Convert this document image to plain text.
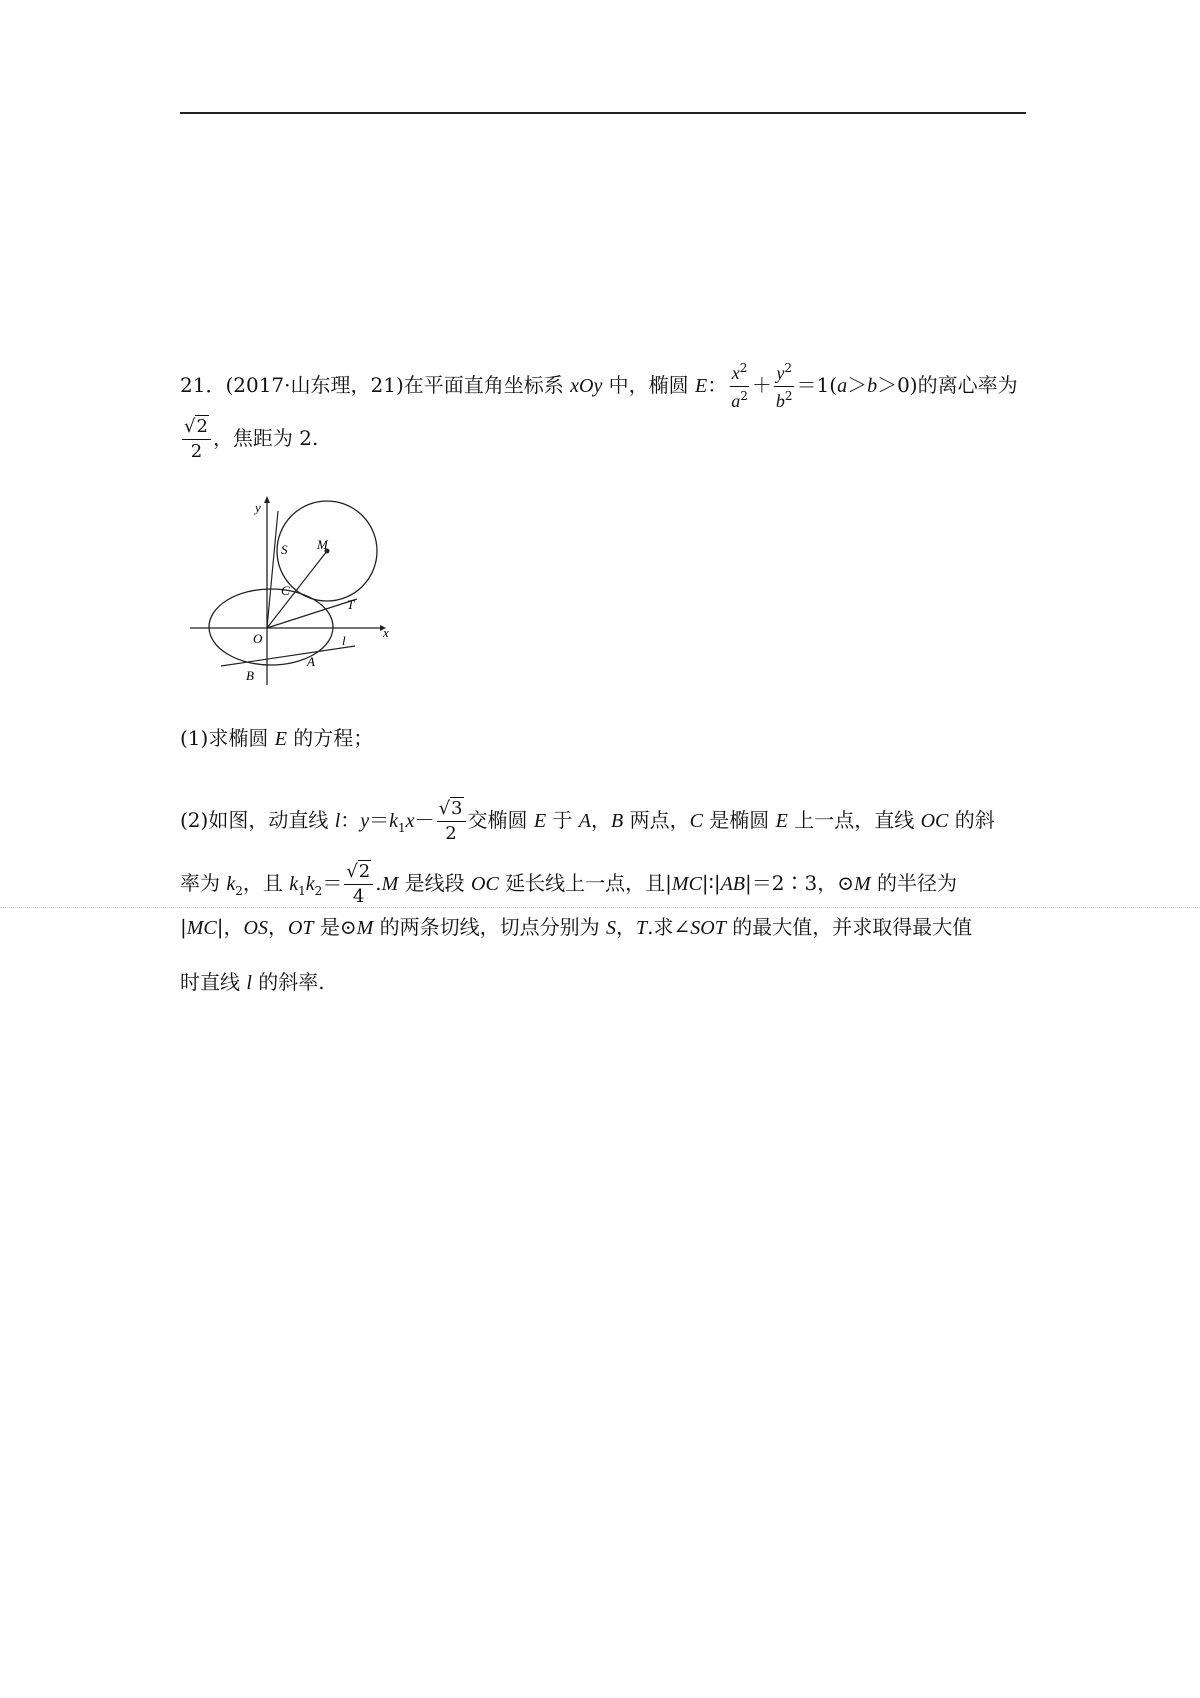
21．(2017·山东理，21)在平面直角坐标系 xOy 中，椭圆 E： $\frac{x^2}{a^2} + \frac{y^2}{b^2} =1(a>b>0)$的离心率为
$\frac{√2}{2}$ ，焦距为 2.
y
x
O
S M
C
T
l
A
B
(1)求椭圆 E 的方程；
(2)如图，动直线 l：$y=k_1x- \frac{√3}{2}$ 交椭圆 E 于 A，B 两点，C 是椭圆 E 上一点，直线 OC 的斜
率为 $k_2$，且 $k_1k_2= \frac{√2}{4} .M$ 是线段 OC 延长线上一点，且|MC|∶|AB|＝2∶3，⊙M 的半径为
|MC|，OS，OT 是⊙M 的两条切线，切点分别为 S，T.求∠SOT 的最大值，并求取得最大值
时直线 l 的斜率.
